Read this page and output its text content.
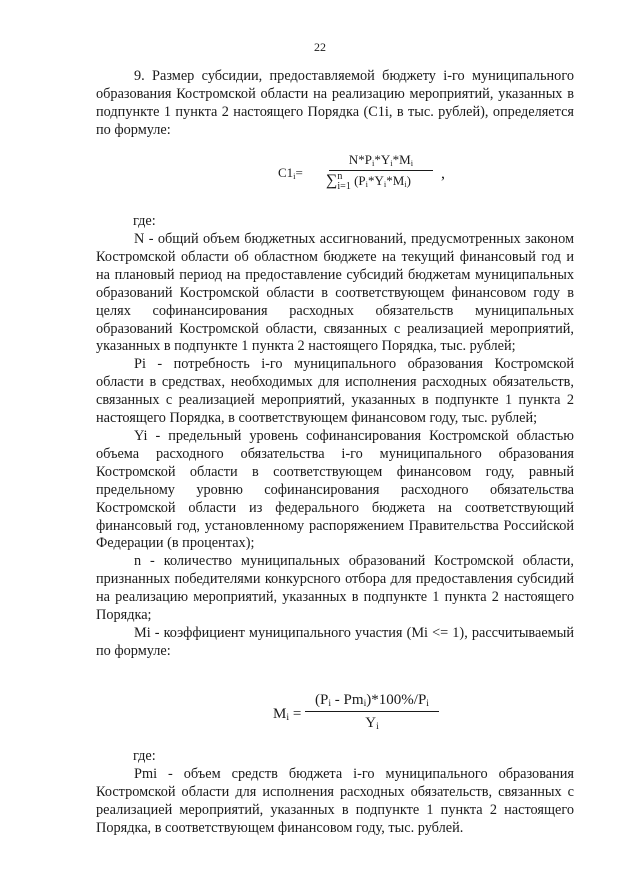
22

9. Размер субсидии, предоставляемой бюджету i-го муниципального образования Костромской области на реализацию мероприятий, указанных в подпункте 1 пункта 2 настоящего Порядка (С1i, в тыс. рублей), определяется по формуле:

$С1_i=$
$N*P_i*Y_i*M_i$
∑n
i=1 $(P_i*Y_i*M_i)$	,
где:

N - общий объем бюджетных ассигнований, предусмотренных законом Костромской области об областном бюджете на текущий финансовый год и на плановый период на предоставление субсидий бюджетам муниципальных образований Костромской области в соответствующем финансовом году в целях софинансирования расходных обязательств муниципальных образований Костромской области, связанных с реализацией мероприятий, указанных в подпункте 1 пункта 2 настоящего Порядка, тыс. рублей;

Pi - потребность i-го муниципального образования Костромской области в средствах, необходимых для исполнения расходных обязательств, связанных с реализацией мероприятий, указанных в подпункте 1 пункта 2 настоящего Порядка, в соответствующем финансовом году, тыс. рублей;

Yi - предельный уровень софинансирования Костромской областью объема расходного обязательства i-го муниципального образования Костромской области в соответствующем финансовом году, равный предельному уровню софинансирования расходного обязательства Костромской области из федерального бюджета на соответствующий финансовый год, установленному распоряжением Правительства Российской Федерации (в процентах);

n - количество муниципальных образований Костромской области, признанных победителями конкурсного отбора для предоставления субсидий на реализацию мероприятий, указанных в подпункте 1 пункта 2 настоящего Порядка;

Mi - коэффициент муниципального участия (Mi <= 1), рассчитываемый по формуле:

$M_i$ =
$(P_i - Pm_i)*100\%/P_i$
$Y_i$
где:

Pmi - объем средств бюджета i-го муниципального образования Костромской области для исполнения расходных обязательств, связанных с реализацией мероприятий, указанных в подпункте 1 пункта 2 настоящего Порядка, в соответствующем финансовом году, тыс. рублей.
